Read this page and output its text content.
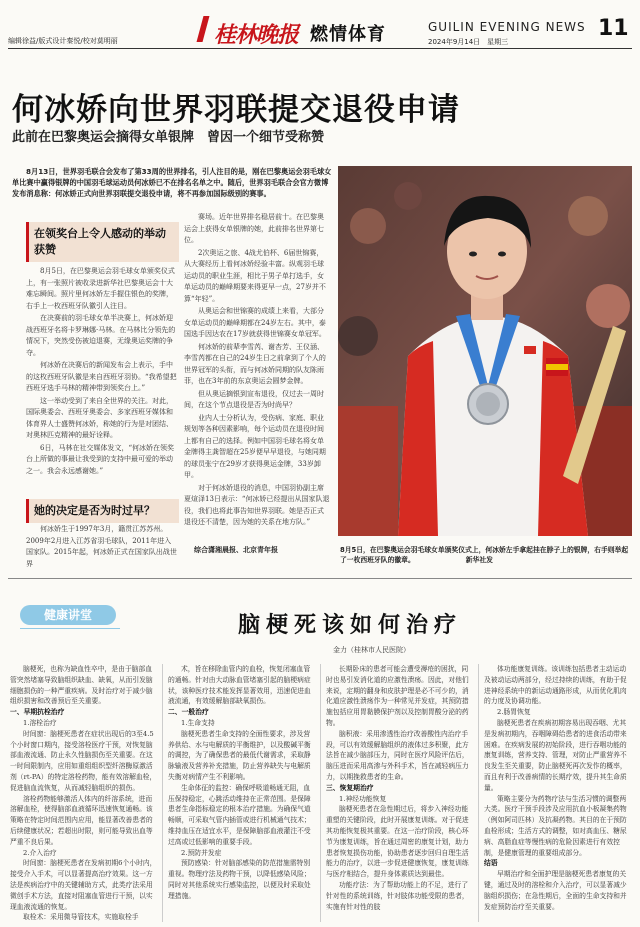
编辑徐益/版式设计秦悦/校对莫明丽	桂林晚报 燃情体育	GUILIN EVENING NEWS
2024年9月14日　星期三
11
何冰娇向世界羽联提交退役申请
此前在巴黎奥运会摘得女单银牌　曾因一个细节受称赞

8月13日，世界羽毛联合会发布了第33周的世界排名，引人注目的是，刚在巴黎奥运会羽毛球女单比赛中赢得银牌的中国羽毛球运动员何冰娇已不在排名名单之中。随后，世界羽毛联合会官方微博发布消息称：何冰娇正式向世界羽联提交退役申请，将不再参加国际级别的赛事。

在领奖台上令人感动的举动获赞

8月5日，在巴黎奥运会羽毛球女单颁奖仪式上，有一张照片被收录进新华社巴黎奥运会十大难忘瞬间。照片里何冰娇左手握住银色的奖牌，右手上一枚西班牙队徽引人注目。

在决赛前的羽毛球女单半决赛上，何冰娇迎战西班牙名将卡罗琳娜·马林。在马林比分领先的情况下，突然受伤被迫退赛，无缘奥运奖牌的争夺。

何冰娇在决赛后的新闻发布会上表示，手中的这枚西班牙队徽是来自西班牙羽协。“我希望把西班牙选手马林的精神带到领奖台上。”

这一举动受到了来自全世界的关注。对此，国际奥委会、西班牙奥委会、多家西班牙媒体和体育界人士盛赞何冰娇，称她的行为是对团结、对奥林匹克精神的最好诠释。

6日，马林在社交媒体发文，“何冰娇在领奖台上所做的事最让我受到的支持中最可爱的举动之一。我会永远感谢她。”

她的决定是否为时过早？

何冰娇生于1997年3月，籍贯江苏苏州。2009年2月进入江苏省羽毛球队，2011年进入国家队。2015年起，何冰娇正式在国家队出战世界

赛场。近年世界排名稳居前十。在巴黎奥运会上获得女单银牌的她，此前排名世界第七位。

2次奥运之旅、4战尤伯杯、6届世锦赛，从大赛经历上看何冰娇经验丰富。纵观羽毛球运动员的职业生涯，相比于男子单打选手，女单运动员的巅峰期要来得更早一点，27岁并不算“年轻”。

从奥运会和世锦赛的成绩上来看，大部分女单运动员的巅峰期都在24岁左右。其中，泰国选手因达农在17岁就获得世锦赛女单冠军。

何冰娇的前辈李雪芮、谢杏芳、王仪涵、李雪芮都在自己的24岁生日之前拿到了个人的世界冠军的头衔，而与何冰娇同期的队友陈雨菲，也在3年前的东京奥运会圆梦金牌。

但从奥运摘银到宣布退役，仅过去一周时间，在这个节点退役是否为时尚早？

业内人士分析认为，受伤病、家庭、职业规划等各种因素影响，每个运动员在退役时间上都有自己的选择。例如中国羽毛球名将女单金牌得主龚智超在25岁便早早退役，与她同期的球员张宁在29岁才获得奥运金牌，33岁卸甲。

对于何冰娇退役的消息，中国羽协副主席夏煊泽13日表示：“何冰娇已经提出从国家队退役，我们也将此事告知世界羽联。她是否正式退役还不清楚，因为她的关系在地方队。”

综合潇湘晨报、北京青年报	8月5日，在巴黎奥运会羽毛球女单颁奖仪式上，何冰娇左手拿起挂在脖子上的银牌，右手则举起了一枚西班牙队的徽章。　　　　　　　　新华社发
健康讲堂	脑梗死该如何治疗
金力（桂林市人民医院）

脑梗死，也称为缺血性卒中，是由于脑部血管突然堵塞导致脑组织缺血、缺氧，从而引发脑细胞损伤的一种严重疾病。及时治疗对于减少脑组织损害和改善预后至关重要。

一、早期抗栓治疗

1.溶栓治疗

时间窗：脑梗死患者在症状出现后的3至4.5个小时窗口期内，接受溶栓医疗干预，对恢复脑部血液流通、防止永久性脑损伤至关重要。在这一时间限制内，应用如重组组织型纤溶酶原激活剂（rt-PA）的特定溶栓药物，能有效溶解血栓，促进脑血流恢复，从而减轻脑组织的损伤。

溶栓药物能够激活人体内的纤溶系统，进而溶解血栓，使得脑部血液循环迅速恢复通畅。该策略在特定时间范围内应用，能显著改善患者的后续健康状况；若超出时限，则可能导致出血等严重不良后果。

2.介入治疗

时间窗：脑梗死患者在发病初期6个小时内，接受介入手术，可以显著提高治疗效果。这一方法是疾病治疗中的关键辅助方式，此类疗法采用微创手术方法，直接对阻塞血管进行干预，以实现血液流通的恢复。

取栓术：采用微导管技术，实施取栓手

术，旨在移除血管内的血栓，恢复闭塞血管的通畅。针对由大动脉血管堵塞引起的脑梗病症状，该种医疗技术能发挥显著效用，迅速促进血液流通，有效缓解脑部缺氧损伤。

二、一般治疗

1.生命支持

脑梗死患者生命支持的全面性要求，涉及营养供给、水与电解质的平衡维护，以及酸碱平衡的调控，为了确保患者的最低代谢需求，采取静脉输液及营养补充措施，防止营养缺失与电解质失衡对病情产生不利影响。

生命体征的监控：确保呼吸道畅通无阻，血压保持稳定，心跳活动维持在正常范围。是保障患者生命指标稳定的根本治疗措施。为确保气道畅顺，可采取气管内插管或进行机械通气技术；维持血压在适宜水平，是保障脑部血液灌注不受过高或过低影响的重要手段。

2.预防并发症

预防感染：针对脑部感染的防范措施需特别重视。物理疗法及药物干预，以降低感染风险；同时对其他系统实行感染监控，以便及时采取处理措施。

长期卧床的患者可能会遭受褥疮的困扰，同时也易引发消化道的应激性溃疡。因此，对他们来说，定期的翻身和皮肤护理是必不可少的，消化道应激性溃疡作为一种常见并发症，其预防措施包括应用胃黏膜保护剂以及控制胃酸分泌的药物。

脑积液：采用渗透性治疗改善酸性内治疗手段，可以有效缓解脑组织的液体过多积聚，此方法旨在减少脑部压力，同时在医疗风险评估后，脑压进而采用高渗与外科手术，旨在减轻病压力力，以期挽救患者的生命。

三、恢复期治疗

1.神经功能恢复

脑梗死患者在急性期过后，将步入神经功能重塑的关键阶段，此时开展康复训练。对于促进其功能恢复极其重要。在这一治疗阶段，核心环节为康复训练，旨在通过周密的康复计划，助力患者恢复损伤功能，协助患者逐步回归自理生活能力的治疗，以进一步促进健康恢复，康复训练与医疗相结合，提升身体素质达到最佳。

功能疗法：为了帮助功能上的不足，进行了针对性的系统训练，针对肢体功能受限的患者，实施有针对性的肢

体功能康复训练。该训练包括患者主动运动及被动运动两部分，经过持续的训练，有助于促进神经系统中的新运动通路形成，从而优化肌肉的力度及协调功能。

2.肠胃恢复

脑梗死患者在疾病初期容易出现吞咽、尤其是发病初期内，吞咽障碍给患者的进食活动带来困难。在疾病发展的初始阶段，进行吞咽功能的康复训练，营养支持、管理，对防止严重营养不良发生至关重要，防止脑梗死再次发作的概率，而且有利于改善病情的长期疗效，提升其生命质量。

策略主要分为药物疗法与生活习惯的调整两大类。医疗干预手段涉及应用抗血小板凝集药物（例如阿司匹林）及抗凝药物。其目的在于预防血栓形成；生活方式的调整，如对高血压、糖尿病、高脂血症等慢性病的危险因素进行有效控制，是健康管理的重要组成部分。

结语

早期治疗和全面护理是脑梗死患者康复的关键，通过及时的溶栓和介入治疗，可以显著减少脑组织损伤；在急性期后，全面的生命支持和并发症预防治疗至关重要。
